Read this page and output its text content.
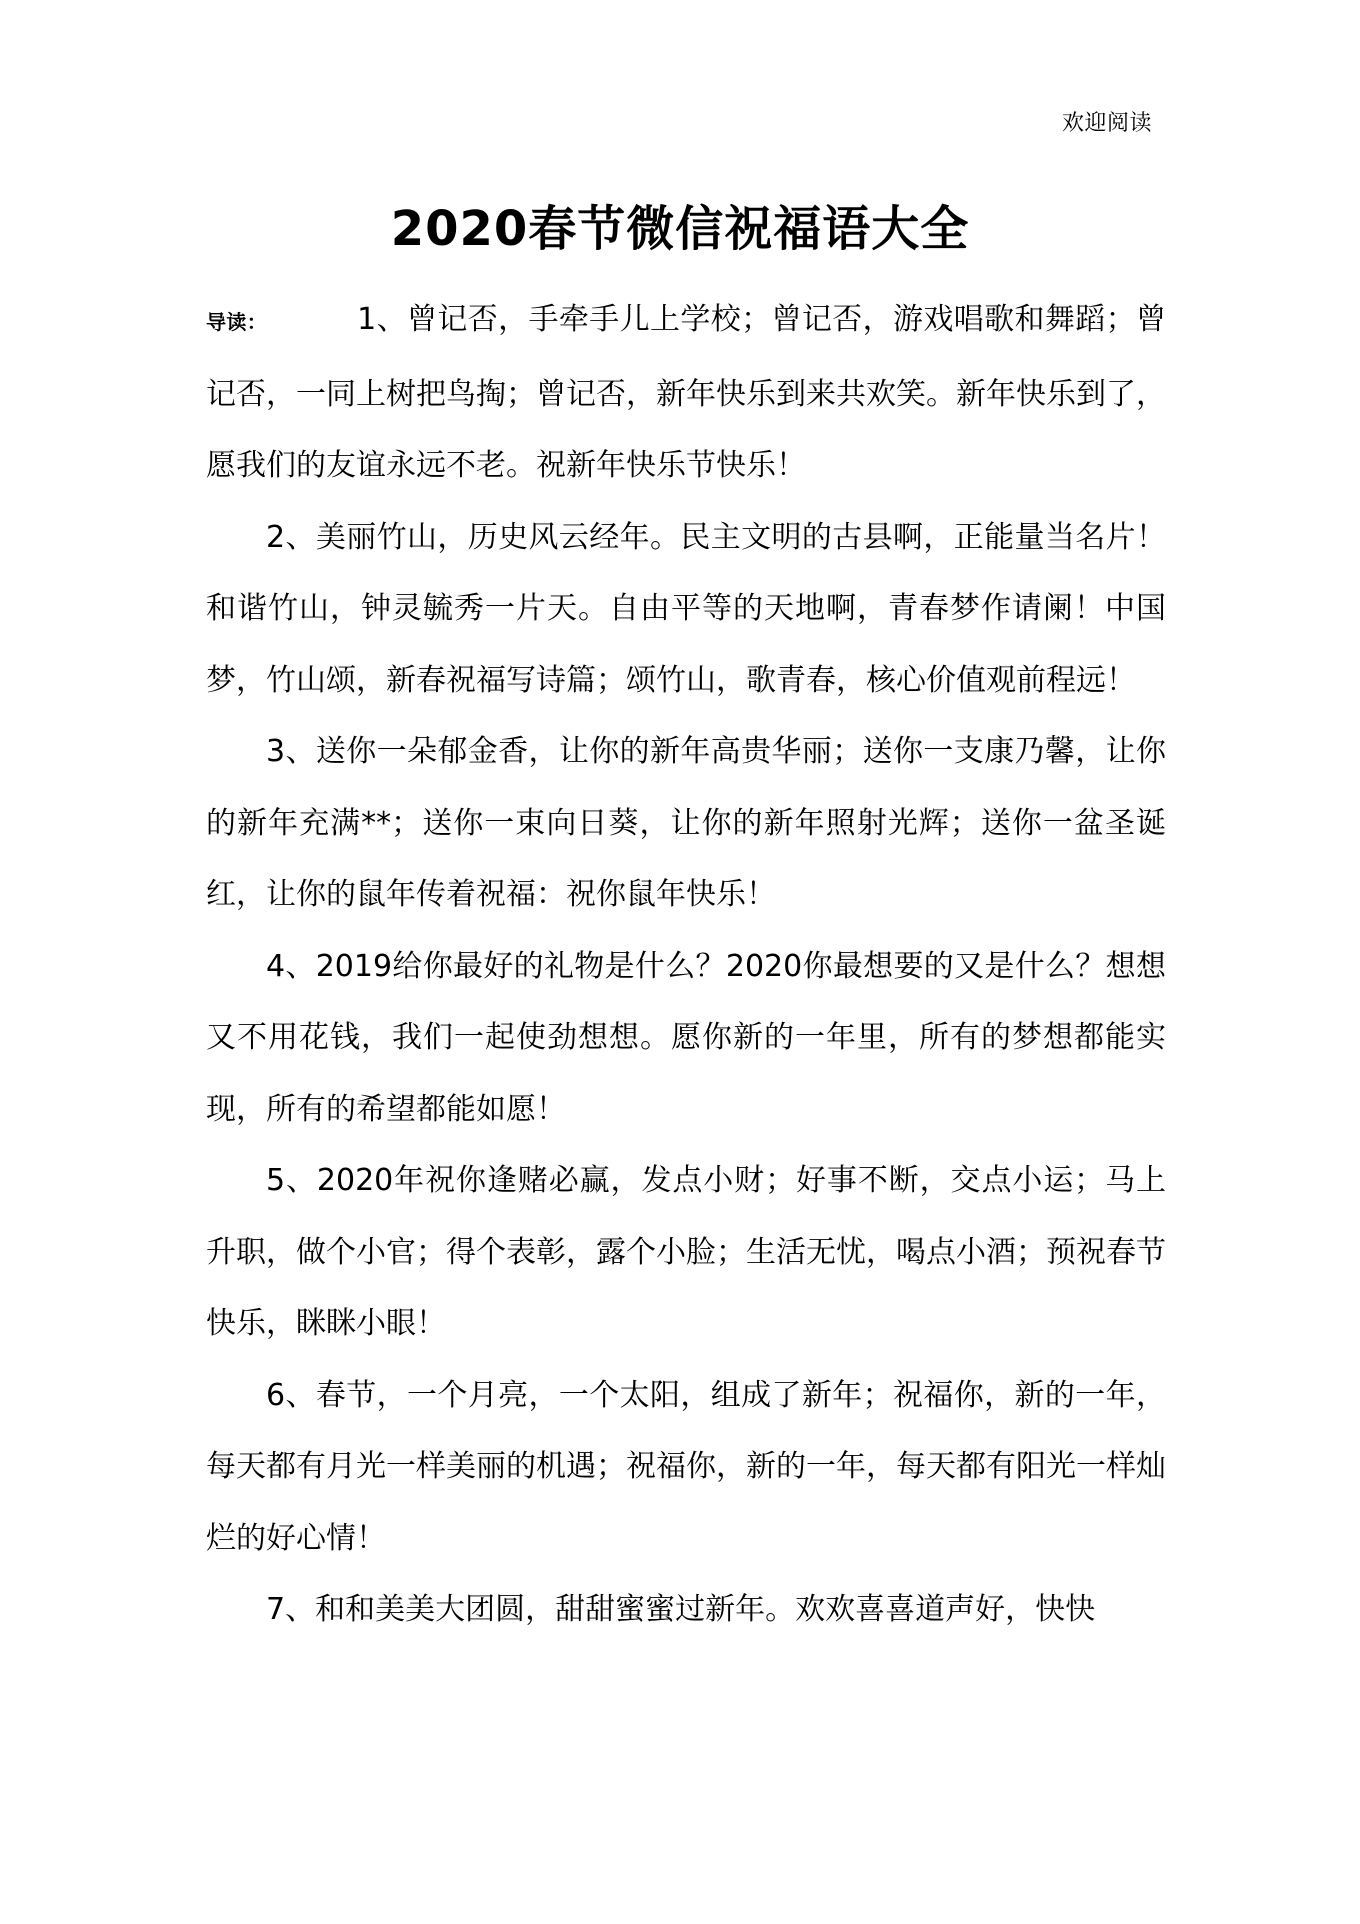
欢迎阅读
2020春节微信祝福语大全

导读：	1、曾记否，手牵手儿上学校；曾记否，游戏唱歌和舞蹈；曾记否，一同上树把鸟掏；曾记否，新年快乐到来共欢笑。新年快乐到了，愿我们的友谊永远不老。祝新年快乐节快乐！

2、美丽竹山，历史风云经年。民主文明的古县啊，正能量当名片！和谐竹山，钟灵毓秀一片天。自由平等的天地啊，青春梦作请阑！中国梦，竹山颂，新春祝福写诗篇；颂竹山，歌青春，核心价值观前程远！

3、送你一朵郁金香，让你的新年高贵华丽；送你一支康乃馨，让你的新年充满**；送你一束向日葵，让你的新年照射光辉；送你一盆圣诞红，让你的鼠年传着祝福：祝你鼠年快乐！

4、2019给你最好的礼物是什么？2020你最想要的又是什么？想想又不用花钱，我们一起使劲想想。愿你新的一年里，所有的梦想都能实现，所有的希望都能如愿！

5、2020年祝你逢赌必赢，发点小财；好事不断，交点小运；马上升职，做个小官；得个表彰，露个小脸；生活无忧，喝点小酒；预祝春节快乐，眯眯小眼！

6、春节，一个月亮，一个太阳，组成了新年；祝福你，新的一年，每天都有月光一样美丽的机遇；祝福你，新的一年，每天都有阳光一样灿烂的好心情！

7、和和美美大团圆，甜甜蜜蜜过新年。欢欢喜喜道声好，快快
